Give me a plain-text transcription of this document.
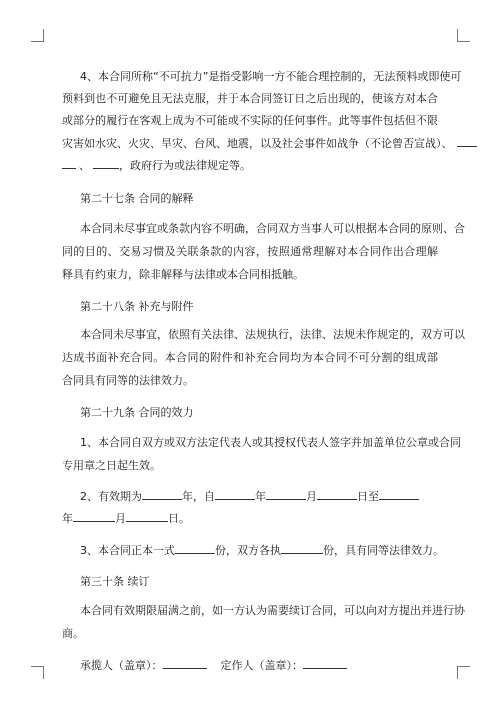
4、本合同所称“不可抗力”是指受影响一方不能合理控制的，无法预料或即使可

预料到也不可避免且无法克服，并于本合同签订日之后出现的，使该方对本合

或部分的履行在客观上成为不可能或不实际的任何事件。此等事件包括但不限

灾害如水灾、火灾、旱灾、台风、地震，以及社会事件如战争（不论曾否宣战）、
、	，政府行为或法律规定等。

第二十七条 合同的解释

本合同未尽事宜或条款内容不明确，合同双方当事人可以根据本合同的原则、合

同的目的、交易习惯及关联条款的内容，按照通常理解对本合同作出合理解

释具有约束力，除非解释与法律或本合同相抵触。

第二十八条 补充与附件

本合同未尽事宜，依照有关法律、法规执行，法律、法规未作规定的，双方可以

达成书面补充合同。本合同的附件和补充合同均为本合同不可分割的组成部

合同具有同等的法律效力。

第二十九条 合同的效力

1、本合同自双方或双方法定代表人或其授权代表人签字并加盖单位公章或合同

专用章之日起生效。

2、有效期为	年，自	年	月	日至
年	月	日。
3、本合同正本一式	份，双方各执	份，具有同等法律效力。

第三十条 续订

本合同有效期限届满之前，如一方认为需要续订合同，可以向对方提出并进行协

商。

承揽人（盖章）：	定作人（盖章）：
